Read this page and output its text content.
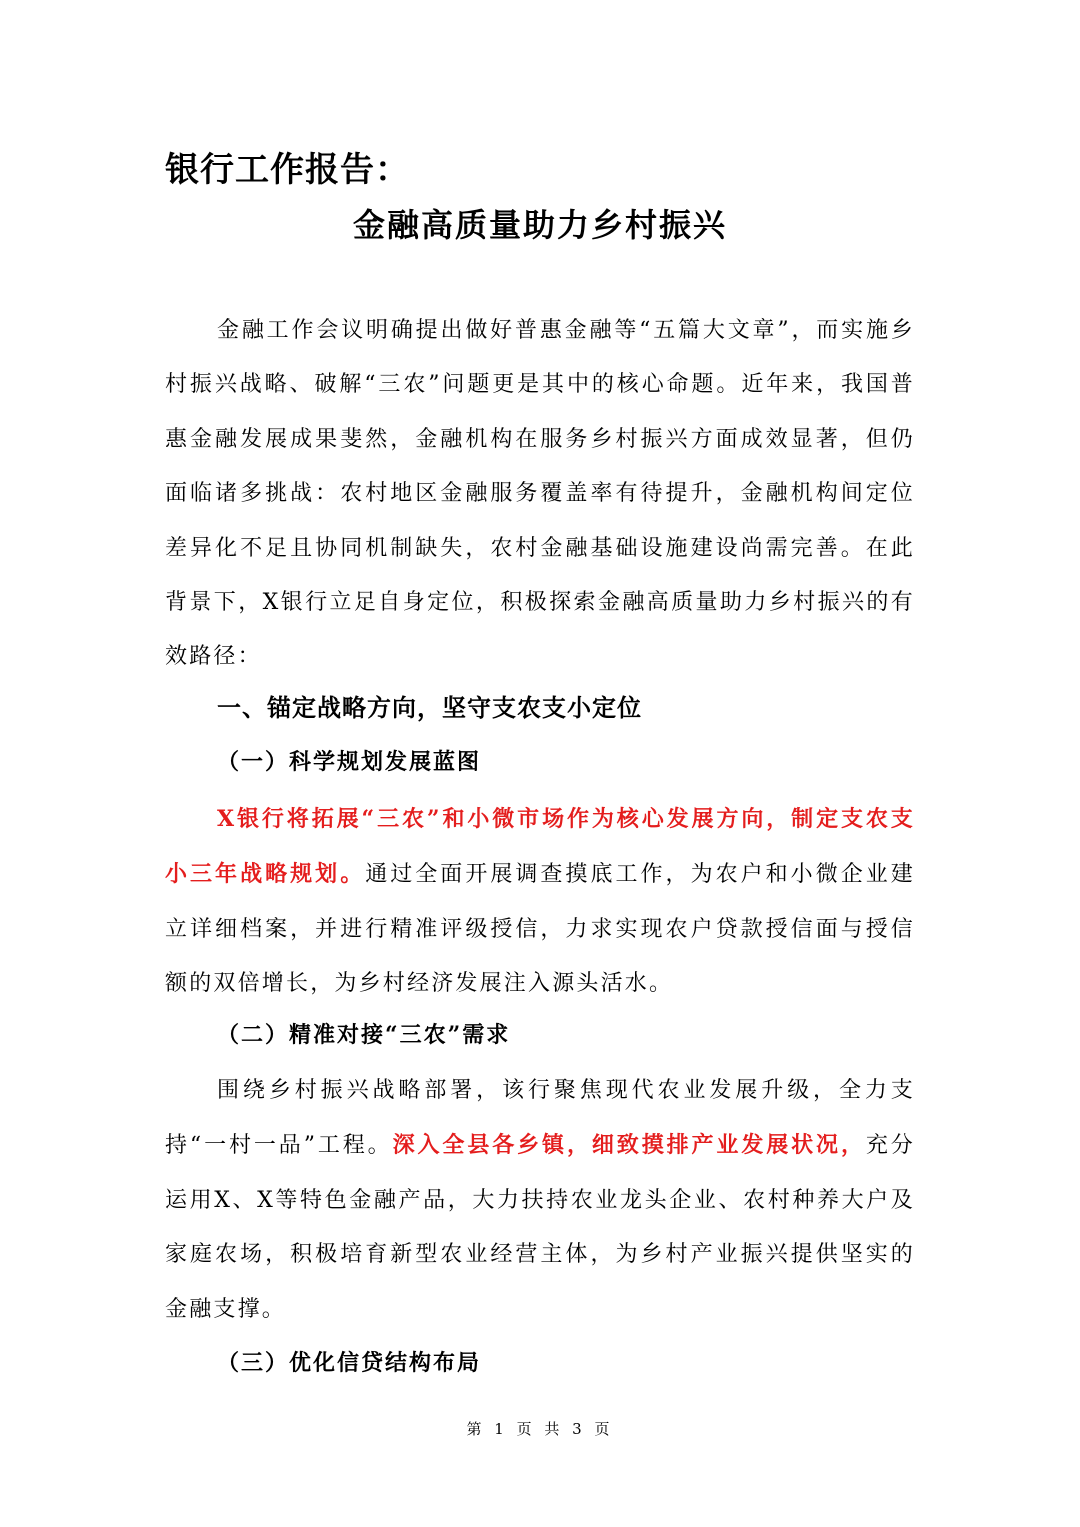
银行工作报告：
金融高质量助力乡村振兴

金融工作会议明确提出做好普惠金融等“五篇大文章”，而实施乡村振兴战略、破解“三农”问题更是其中的核心命题。近年来，我国普惠金融发展成果斐然，金融机构在服务乡村振兴方面成效显著，但仍面临诸多挑战：农村地区金融服务覆盖率有待提升，金融机构间定位差异化不足且协同机制缺失，农村金融基础设施建设尚需完善。在此背景下，X银行立足自身定位，积极探索金融高质量助力乡村振兴的有效路径：

一、锚定战略方向，坚守支农支小定位
（一）科学规划发展蓝图

X银行将拓展“三农”和小微市场作为核心发展方向，制定支农支小三年战略规划。通过全面开展调查摸底工作，为农户和小微企业建立详细档案，并进行精准评级授信，力求实现农户贷款授信面与授信额的双倍增长，为乡村经济发展注入源头活水。

（二）精准对接“三农”需求

围绕乡村振兴战略部署，该行聚焦现代农业发展升级，全力支持“一村一品”工程。深入全县各乡镇，细致摸排产业发展状况，充分运用X、X等特色金融产品，大力扶持农业龙头企业、农村种养大户及家庭农场，积极培育新型农业经营主体，为乡村产业振兴提供坚实的金融支撑。

（三）优化信贷结构布局
第 1 页 共 3 页
